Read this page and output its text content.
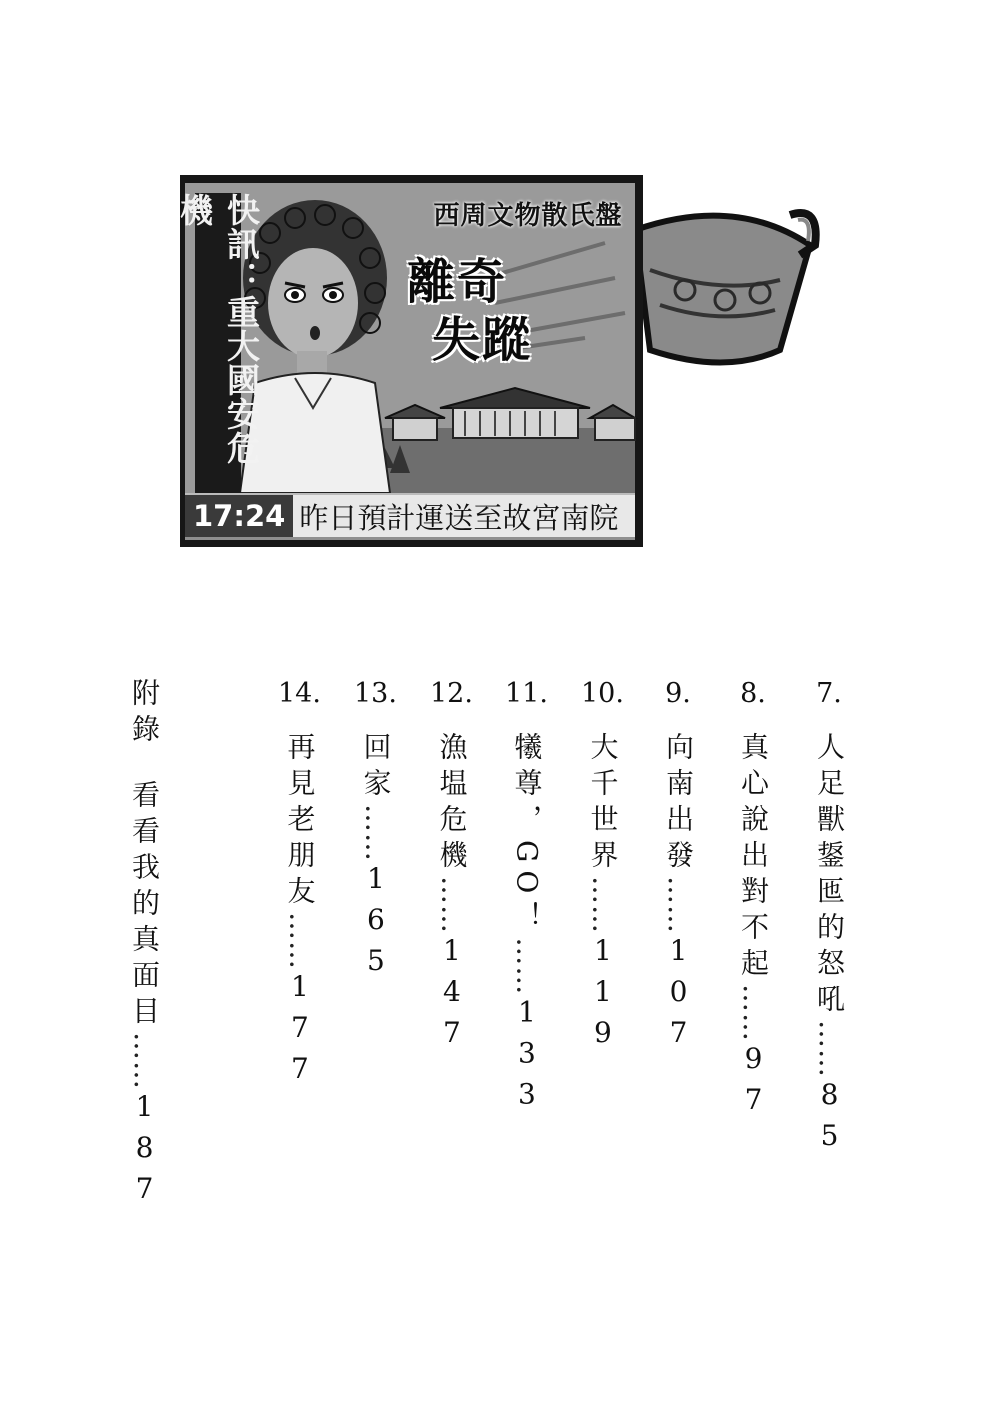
快訊：重大國安危機	西周文物散氏盤
離奇
失蹤
17:24 昨日預計運送至故宮南院
7.人足獸鋬匜的怒吼……85
8.真心說出對不起……97
9.向南出發……107
10.大千世界……119
11.犧尊，GO！……133
12.漁塭危機……147
13.回家……165
14.再見老朋友……177
附錄看看我的真面目……187
